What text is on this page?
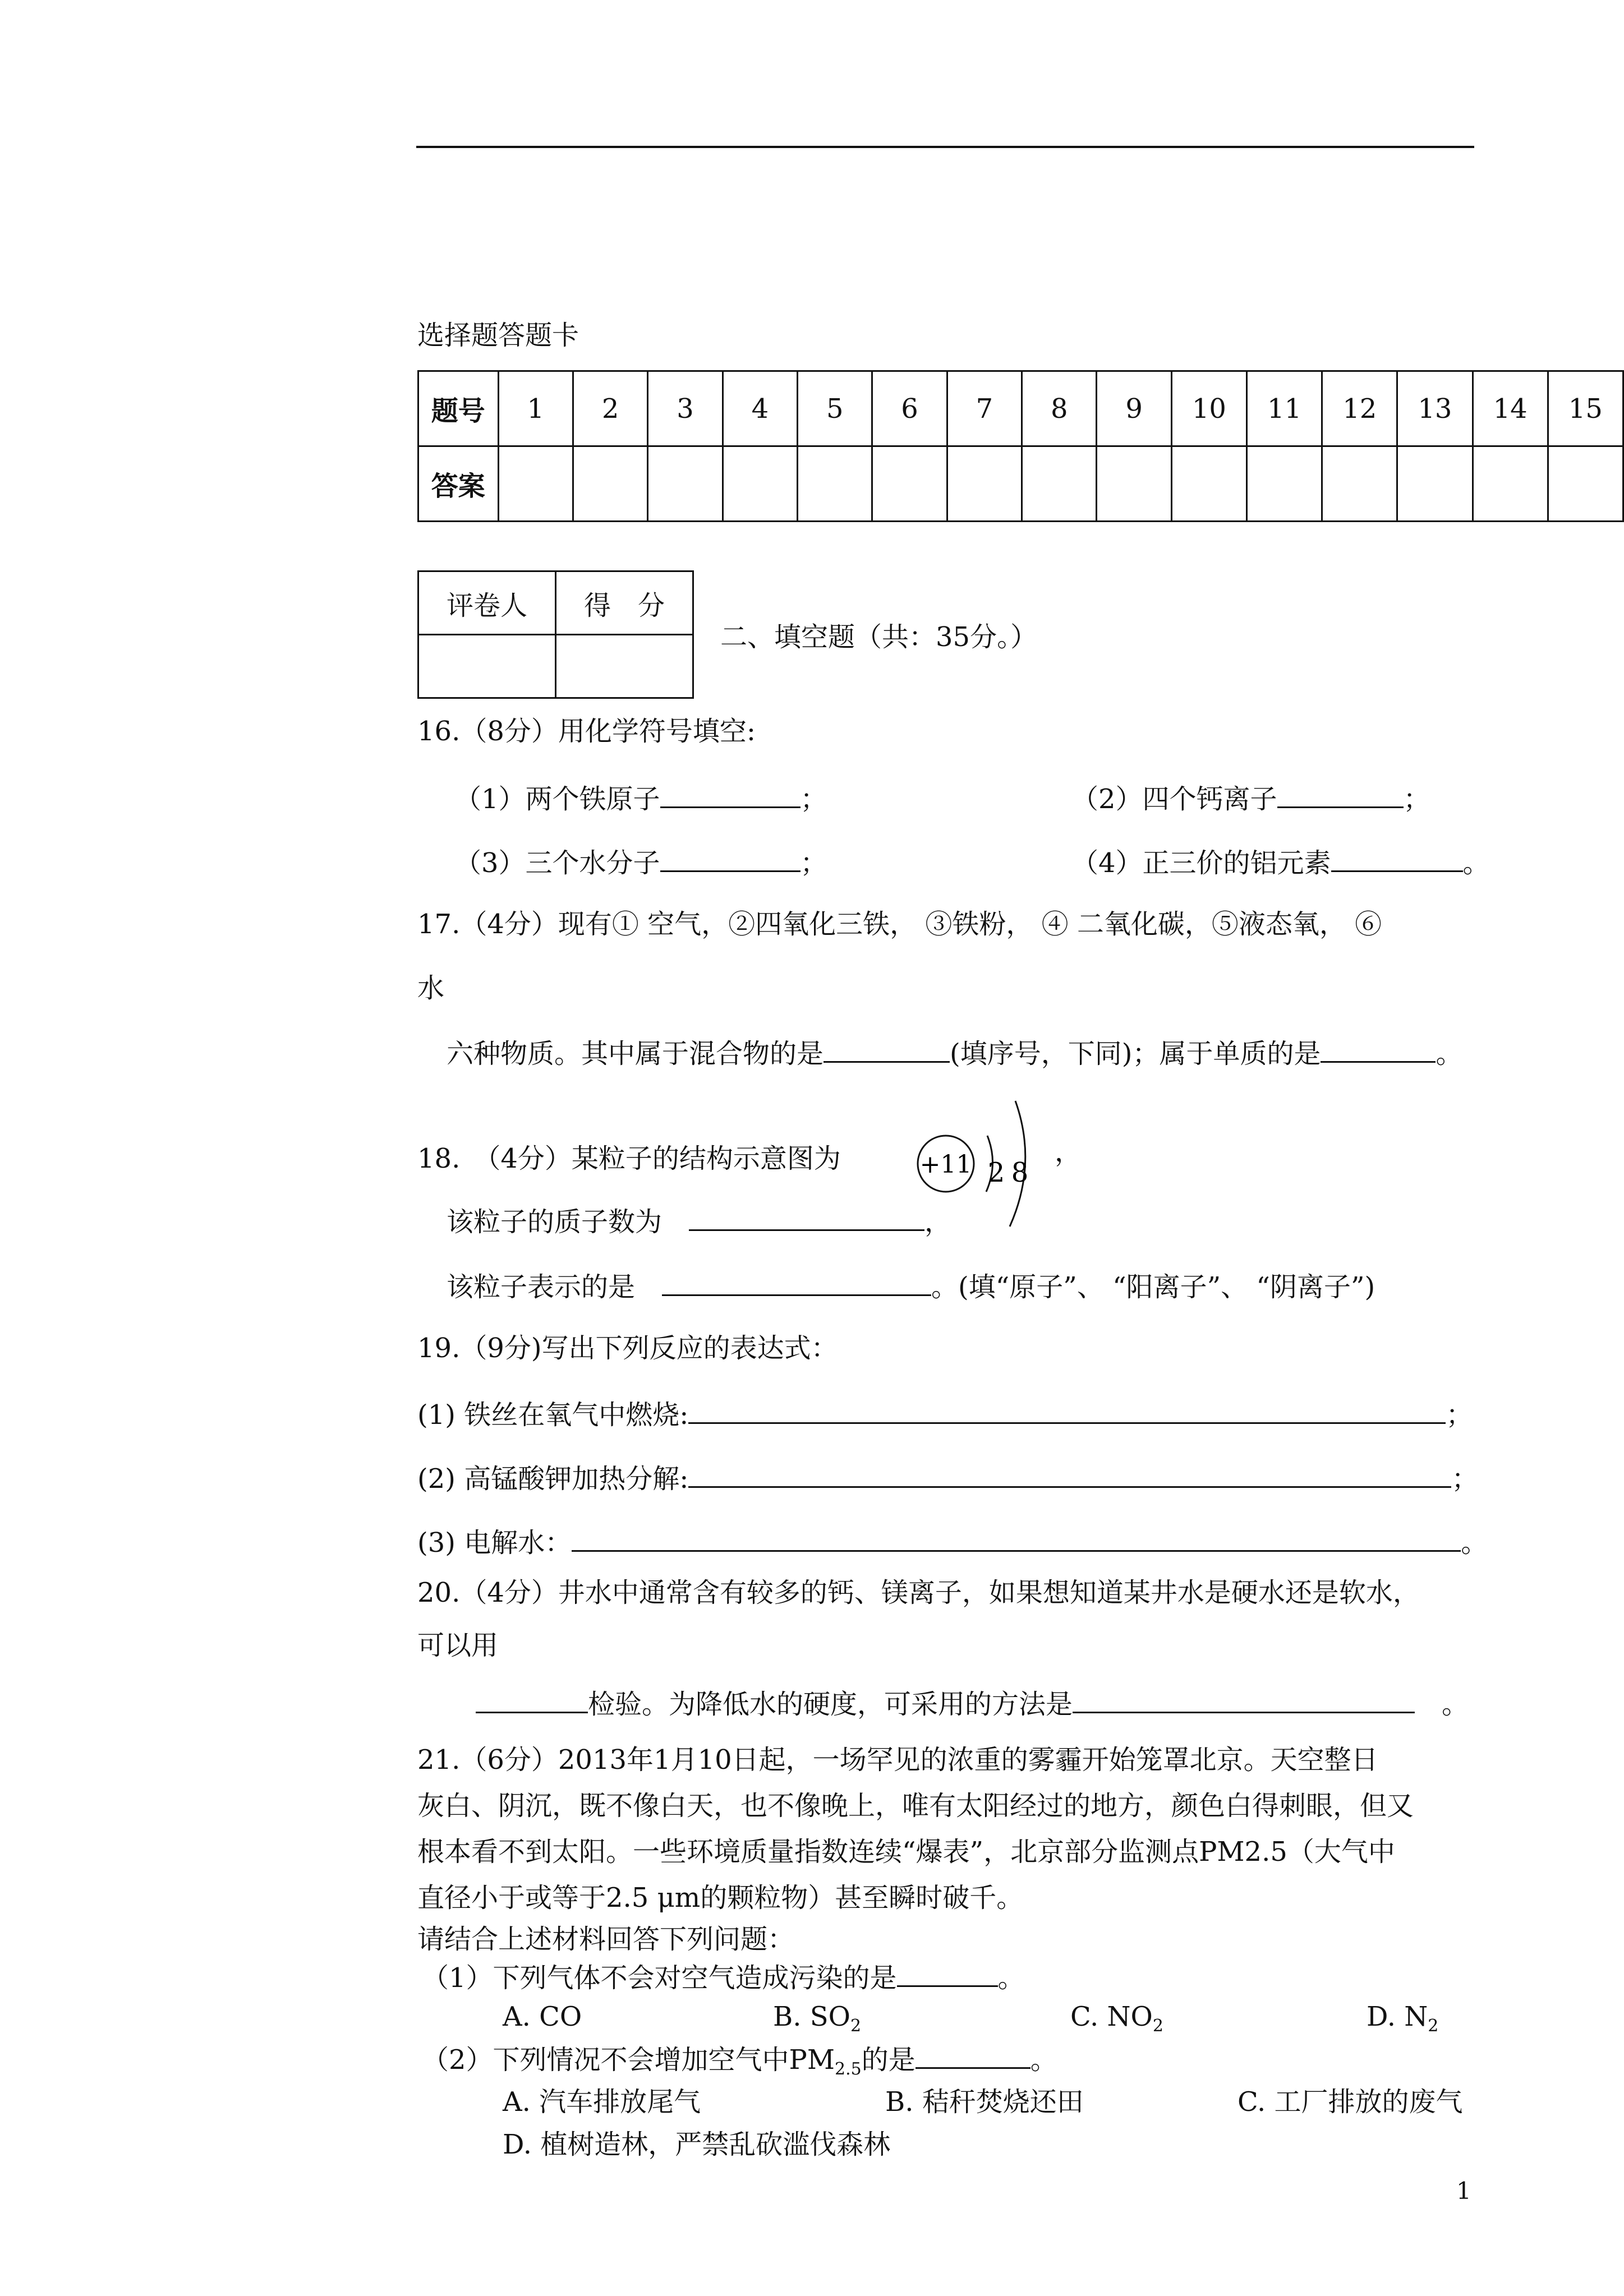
选择题答题卡
题号	1	2	3	4	5	6	7	8	9	10	11	12	13	14	15
答案															
评卷人	得　分

二、填空题（共：35分。）
16.（8分）用化学符号填空:
（1）两个铁原子	；	（2）四个钙离子	；
（3）三个水分子	；	（4）正三价的铝元素	。
17.（4分）现有① 空气，②四氧化三铁， ③铁粉， ④ 二氧化碳，⑤液态氧， ⑥
水
六种物质。其中属于混合物的是	(填序号，下同)；属于单质的是	。
18.　（4分）某粒子的结构示意图为	+11 2 8
，
该粒子的质子数为　	，
该粒子表示的是　	。(填“原子”、 “阳离子”、 “阴离子”)
19.（9分)写出下列反应的表达式：
(1) 铁丝在氧气中燃烧:	；
(2) 高锰酸钾加热分解:	；
(3) 电解水：	。
20.（4分）井水中通常含有较多的钙、镁离子，如果想知道某井水是硬水还是软水，
可以用
检验。为降低水的硬度，可采用的方法是　	。
21.（6分）2013年1月10日起，一场罕见的浓重的雾霾开始笼罩北京。天空整日
灰白、阴沉，既不像白天，也不像晚上，唯有太阳经过的地方，颜色白得刺眼，但又
根本看不到太阳。一些环境质量指数连续“爆表”，北京部分监测点PM2.5（大气中
直径小于或等于2.5 μm的颗粒物）甚至瞬时破千。
请结合上述材料回答下列问题：
（1）下列气体不会对空气造成污染的是	。
A. CO	B. $SO_2$	C. $NO_2$	D. $N_2$
（2）下列情况不会增加空气中$PM_{2.5}$的是	。
A. 汽车排放尾气	B. 秸秆焚烧还田	C. 工厂排放的废气
D. 植树造林，严禁乱砍滥伐森林
1
